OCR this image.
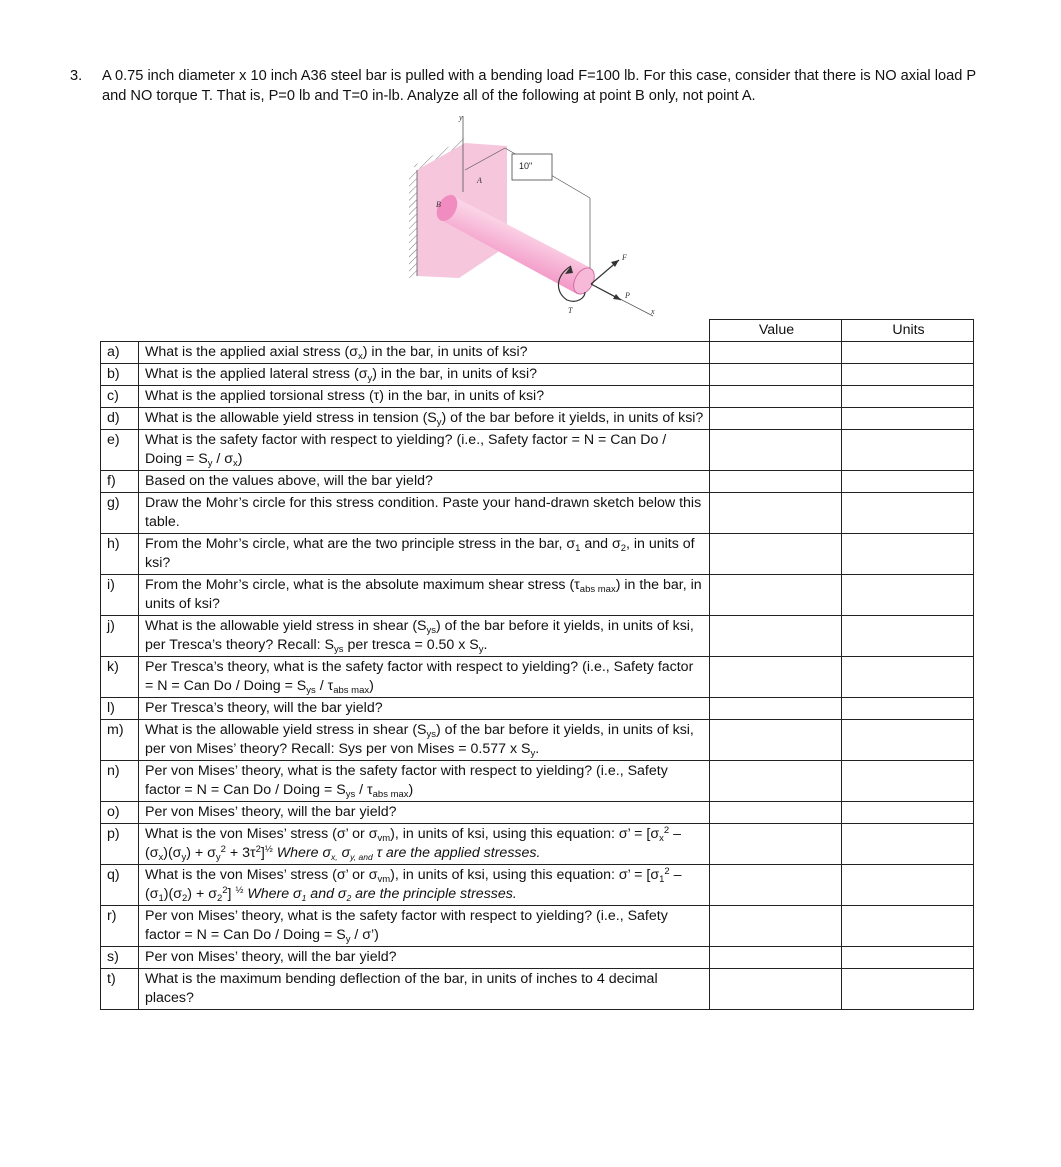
3. A 0.75 inch diameter x 10 inch A36 steel bar is pulled with a bending load F=100 lb. For this case, consider that there is NO axial load P and NO torque T. That is, P=0 lb and T=0 in-lb. Analyze all of the following at point B only, not point A.
y
A
B
10"
x
F
P
T
		Value	Units
a)	What is the applied axial stress $(\sigma_x)$ in the bar, in units of ksi?		
b)	What is the applied lateral stress $(\sigma_y)$ in the bar, in units of ksi?		
c)	What is the applied torsional stress (τ) in the bar, in units of ksi?		
d)	What is the allowable yield stress in tension $(S_y)$ of the bar before it yields, in units of ksi?		
e)	What is the safety factor with respect to yielding? (i.e., Safety factor = N = Can Do / Doing = $S_y / \sigma_x$)		
f)	Based on the values above, will the bar yield?		
g)	Draw the Mohr’s circle for this stress condition. Paste your hand-drawn sketch below this table.		
h)	From the Mohr’s circle, what are the two principle stress in the bar, $\sigma_1$ and $\sigma_2$, in units of ksi?		
i)	From the Mohr’s circle, what is the absolute maximum shear stress $(\tau_{abs max})$ in the bar, in units of ksi?		
j)	What is the allowable yield stress in shear $(S_{ys})$ of the bar before it yields, in units of ksi, per Tresca’s theory? Recall: $S_{ys}$ per tresca = 0.50 x $S_y$.		
k)	Per Tresca’s theory, what is the safety factor with respect to yielding? (i.e., Safety factor = N = Can Do / Doing = $S_{ys} / \tau_{abs max}$)		
l)	Per Tresca’s theory, will the bar yield?		
m)	What is the allowable yield stress in shear $(S_{ys})$ of the bar before it yields, in units of ksi, per von Mises’ theory? Recall: Sys per von Mises = 0.577 x $S_y$.		
n)	Per von Mises’ theory, what is the safety factor with respect to yielding? (i.e., Safety factor = N = Can Do / Doing = $S_{ys} / \tau_{abs max}$)		
o)	Per von Mises’ theory, will the bar yield?		
p)	What is the von Mises’ stress (σ’ or $\sigma_{vm}$), in units of ksi, using this equation: σ’ = $[\sigma_x^2 - (\sigma_x)(\sigma_y) + \sigma_y^2 + 3\tau^2]^{\frac{1}{2}}$ Where $\sigma_{x,}$ $\sigma_{y, and}$ τ are the applied stresses.		
q)	What is the von Mises’ stress (σ’ or $\sigma_{vm}$), in units of ksi, using this equation: σ’ = $[\sigma_1^2 - (\sigma_1)(\sigma_2) + \sigma_2^2]$ $^{\frac{1}{2}}$ Where $\sigma_1$ and $\sigma_2$ are the principle stresses.		
r)	Per von Mises’ theory, what is the safety factor with respect to yielding? (i.e., Safety factor = N = Can Do / Doing = $S_y$ / σ’)		
s)	Per von Mises’ theory, will the bar yield?		
t)	What is the maximum bending deflection of the bar, in units of inches to 4 decimal places?		
